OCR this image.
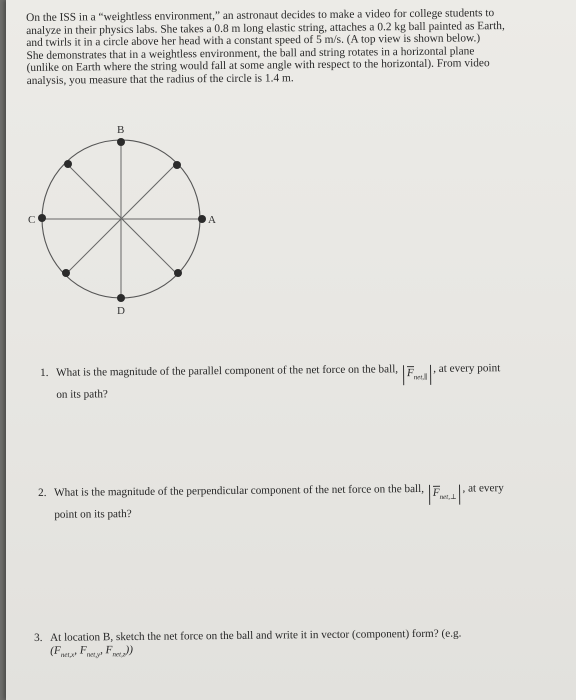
On the ISS in a “weightless environment,” an astronaut decides to make a video for college students to
analyze in their physics labs. She takes a 0.8 m long elastic string, attaches a 0.2 kg ball painted as Earth,
and twirls it in a circle above her head with a constant speed of 5 m/s. (A top view is shown below.)
She demonstrates that in a weightless environment, the ball and string rotates in a horizontal plane
(unlike on Earth where the string would fall at some angle with respect to the horizontal). From video
analysis, you measure that the radius of the circle is 1.4 m.
B
A
C
D
1. What is the magnitude of the parallel component of the net force on the ball, $F_{net,\parallel}$, at every point
on its path?
2. What is the magnitude of the perpendicular component of the net force on the ball, $F_{net,\perp}$, at every
point on its path?
3. At location B, sketch the net force on the ball and write it in vector (component) form? (e.g.
($F_{net,x}$, $F_{net,y}$, $F_{net,z}$))
